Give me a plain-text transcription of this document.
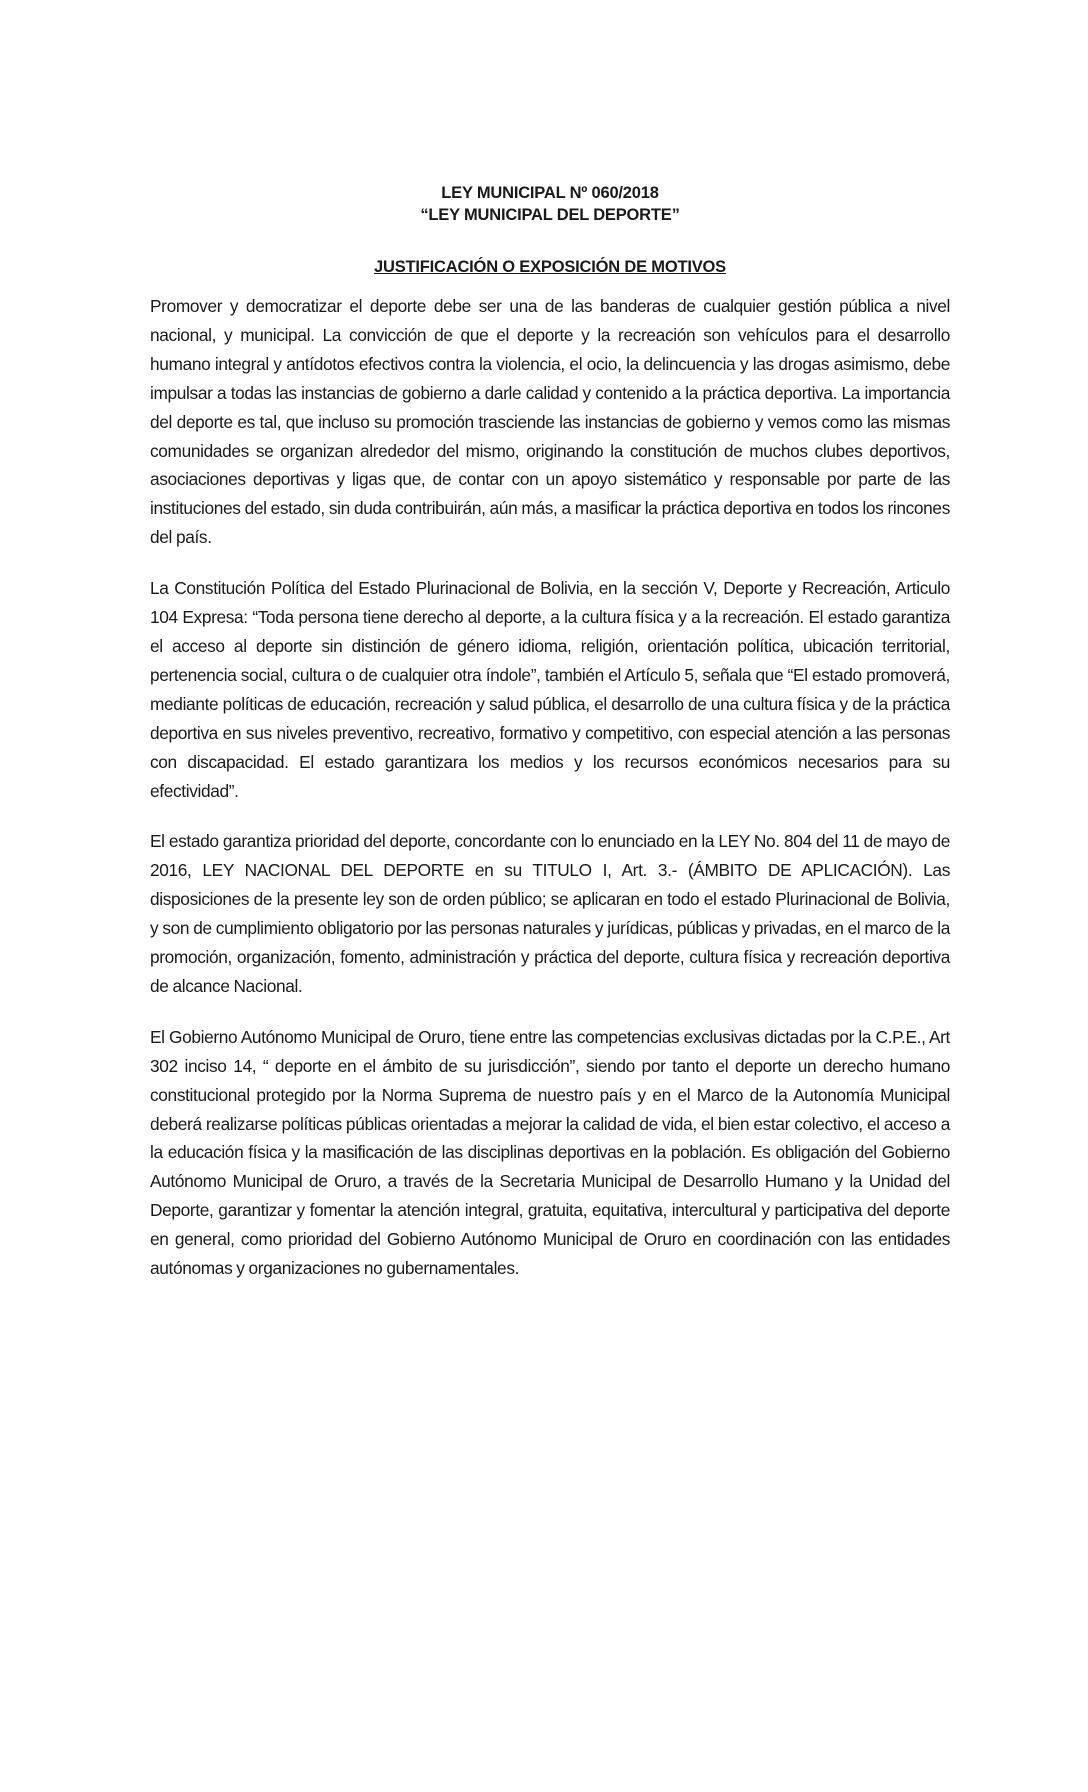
LEY MUNICIPAL Nº 060/2018

“LEY MUNICIPAL DEL DEPORTE”

JUSTIFICACIÓN O EXPOSICIÓN DE MOTIVOS

Promover y democratizar el deporte debe ser una de las banderas de cualquier gestión pública a nivel nacional, y municipal. La convicción de que el deporte y la recreación son vehículos para el desarrollo humano integral y antídotos efectivos contra la violencia, el ocio, la delincuencia y las drogas asimismo, debe impulsar a todas las instancias de gobierno a darle calidad y contenido a la práctica deportiva. La importancia del deporte es tal, que incluso su promoción trasciende las instancias de gobierno y vemos como las mismas comunidades se organizan alrededor del mismo, originando la constitución de muchos clubes deportivos, asociaciones deportivas y ligas que, de contar con un apoyo sistemático y responsable por parte de las instituciones del estado, sin duda contribuirán, aún más, a masificar la práctica deportiva en todos los rincones del país.

La Constitución Política del Estado Plurinacional de Bolivia, en la sección V, Deporte y Recreación, Articulo 104 Expresa: “Toda persona tiene derecho al deporte, a la cultura física y a la recreación. El estado garantiza el acceso al deporte sin distinción de género idioma, religión, orientación política, ubicación territorial, pertenencia social, cultura o de cualquier otra índole”, también el Artículo 5, señala que “El estado promoverá, mediante políticas de educación, recreación y salud pública, el desarrollo de una cultura física y de la práctica deportiva en sus niveles preventivo, recreativo, formativo y competitivo, con especial atención a las personas con discapacidad. El estado garantizara los medios y los recursos económicos necesarios para su efectividad”.

El estado garantiza prioridad del deporte, concordante con lo enunciado en la LEY No. 804 del 11 de mayo de 2016, LEY NACIONAL DEL DEPORTE en su TITULO I, Art. 3.- (ÁMBITO DE APLICACIÓN). Las disposiciones de la presente ley son de orden público; se aplicaran en todo el estado Plurinacional de Bolivia, y son de cumplimiento obligatorio por las personas naturales y jurídicas, públicas y privadas, en el marco de la promoción, organización, fomento, administración y práctica del deporte, cultura física y recreación deportiva de alcance Nacional.

El Gobierno Autónomo Municipal de Oruro, tiene entre las competencias exclusivas dictadas por la C.P.E., Art 302 inciso 14, “ deporte en el ámbito de su jurisdicción”, siendo por tanto el deporte un derecho humano constitucional protegido por la Norma Suprema de nuestro país y en el Marco de la Autonomía Municipal deberá realizarse políticas públicas orientadas a mejorar la calidad de vida, el bien estar colectivo, el acceso a la educación física y la masificación de las disciplinas deportivas en la población. Es obligación del Gobierno Autónomo Municipal de Oruro, a través de la Secretaria Municipal de Desarrollo Humano y la Unidad del Deporte, garantizar y fomentar la atención integral, gratuita, equitativa, intercultural y participativa del deporte en general, como prioridad del Gobierno Autónomo Municipal de Oruro en coordinación con las entidades autónomas y organizaciones no gubernamentales.
